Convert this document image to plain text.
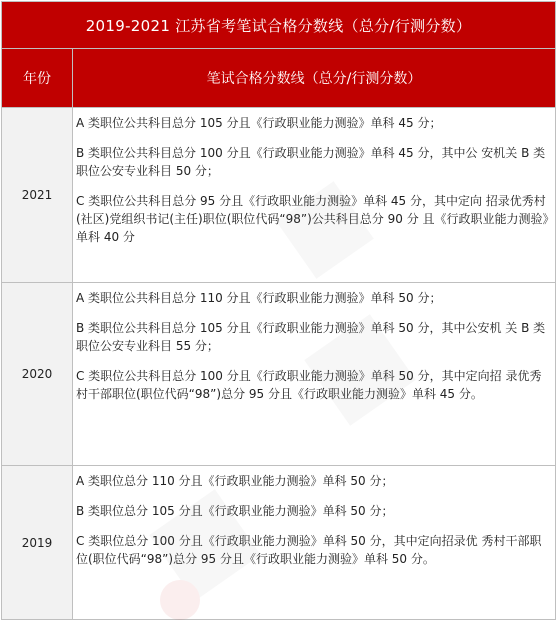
2019-2021 江苏省考笔试合格分数线（总分/行测分数）	
年份	笔试合格分数线（总分/行测分数）
2021	A 类职位公共科目总分 105 分且《行政职业能力测验》单科 45 分；
B 类职位公共科目总分 100 分且《行政职业能力测验》单科 45 分，其中公 安机关 B 类职位公安专业科目 50 分；
C 类职位公共科目总分 95 分且《行政职业能力测验》单科 45 分，其中定向 招录优秀村(社区)党组织书记(主任)职位(职位代码“98”)公共科目总分 90 分 且《行政职业能力测验》单科 40 分

2020	A 类职位公共科目总分 110 分且《行政职业能力测验》单科 50 分；
B 类职位公共科目总分 105 分且《行政职业能力测验》单科 50 分，其中公安机 关 B 类职位公安专业科目 55 分；
C 类职位公共科目总分 100 分且《行政职业能力测验》单科 50 分，其中定向招 录优秀村干部职位(职位代码“98”)总分 95 分且《行政职业能力测验》单科 45 分。

2019	A 类职位总分 110 分且《行政职业能力测验》单科 50 分；
B 类职位总分 105 分且《行政职业能力测验》单科 50 分；
C 类职位总分 100 分且《行政职业能力测验》单科 50 分，其中定向招录优 秀村干部职位(职位代码“98”)总分 95 分且《行政职业能力测验》单科 50 分。
